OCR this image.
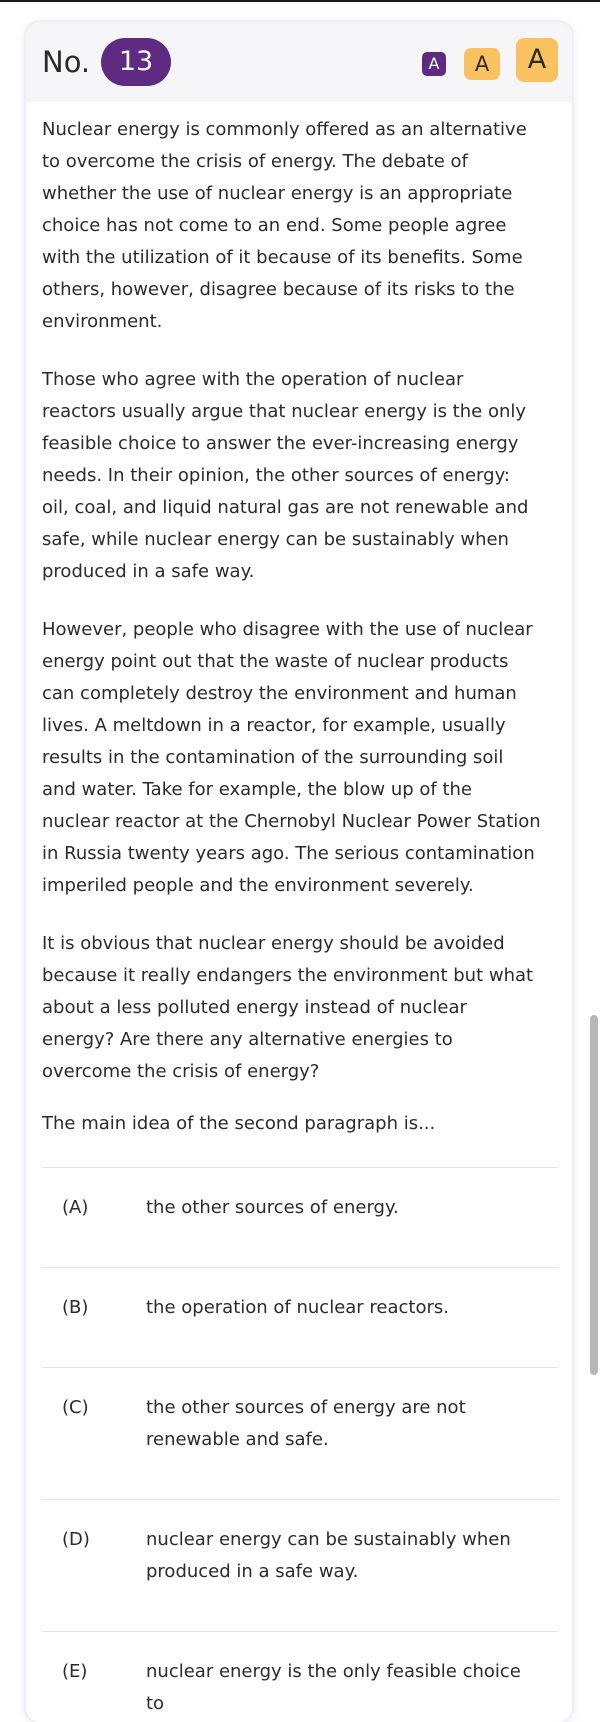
No.	13	A	A	A

Nuclear energy is commonly offered as an alternative to overcome the crisis of energy. The debate of whether the use of nuclear energy is an appropriate choice has not come to an end. Some people agree with the utilization of it because of its benefits. Some others, however, disagree because of its risks to the environment.

Those who agree with the operation of nuclear reactors usually argue that nuclear energy is the only feasible choice to answer the ever-increasing energy needs. In their opinion, the other sources of energy: oil, coal, and liquid natural gas are not renewable and safe, while nuclear energy can be sustainably when produced in a safe way.

However, people who disagree with the use of nuclear energy point out that the waste of nuclear products can completely destroy the environment and human lives. A meltdown in a reactor, for example, usually results in the contamination of the surrounding soil and water. Take for example, the blow up of the nuclear reactor at the Chernobyl Nuclear Power Station in Russia twenty years ago. The serious contamination imperiled people and the environment severely.

It is obvious that nuclear energy should be avoided because it really endangers the environment but what about a less polluted energy instead of nuclear energy? Are there any alternative energies to overcome the crisis of energy?

The main idea of the second paragraph is...
(A)	the other sources of energy.
(B)	the operation of nuclear reactors.
(C)	the other sources of energy are not renewable and safe.
(D)	nuclear energy can be sustainably when produced in a safe way.
(E)	nuclear energy is the only feasible choice to
